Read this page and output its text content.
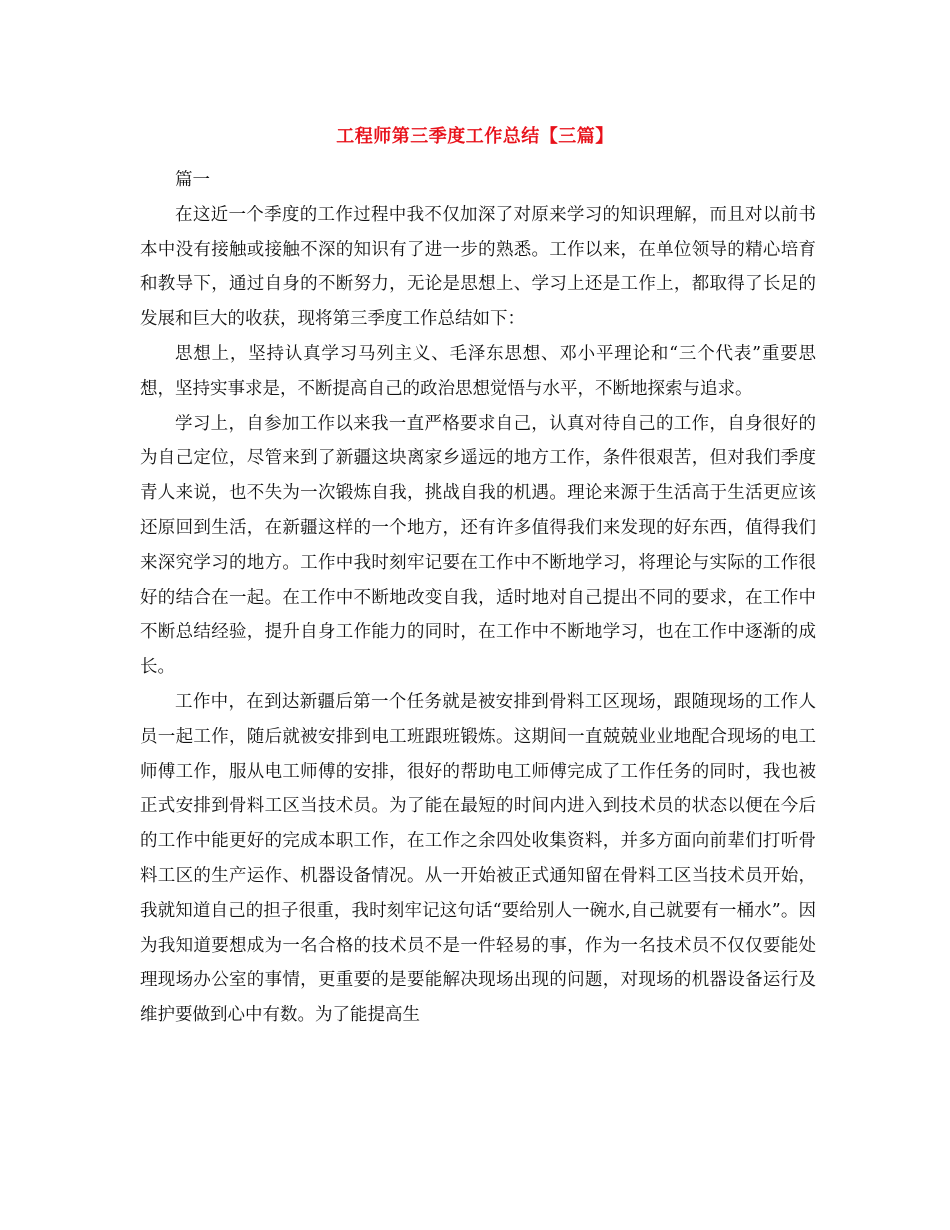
工程师第三季度工作总结【三篇】

篇一

在这近一个季度的工作过程中我不仅加深了对原来学习的知识理解，而且对以前书本中没有接触或接触不深的知识有了进一步的熟悉。工作以来，在单位领导的精心培育和教导下，通过自身的不断努力，无论是思想上、学习上还是工作上，都取得了长足的发展和巨大的收获，现将第三季度工作总结如下：

思想上，坚持认真学习马列主义、毛泽东思想、邓小平理论和“三个代表”重要思想，坚持实事求是，不断提高自己的政治思想觉悟与水平，不断地探索与追求。

学习上，自参加工作以来我一直严格要求自己，认真对待自己的工作，自身很好的为自己定位，尽管来到了新疆这块离家乡遥远的地方工作，条件很艰苦，但对我们季度青人来说，也不失为一次锻炼自我，挑战自我的机遇。理论来源于生活高于生活更应该还原回到生活，在新疆这样的一个地方，还有许多值得我们来发现的好东西，值得我们来深究学习的地方。工作中我时刻牢记要在工作中不断地学习，将理论与实际的工作很好的结合在一起。在工作中不断地改变自我，适时地对自己提出不同的要求，在工作中不断总结经验，提升自身工作能力的同时，在工作中不断地学习，也在工作中逐渐的成长。

工作中，在到达新疆后第一个任务就是被安排到骨料工区现场，跟随现场的工作人员一起工作，随后就被安排到电工班跟班锻炼。这期间一直兢兢业业地配合现场的电工师傅工作，服从电工师傅的安排，很好的帮助电工师傅完成了工作任务的同时，我也被正式安排到骨料工区当技术员。为了能在最短的时间内进入到技术员的状态以便在今后的工作中能更好的完成本职工作，在工作之余四处收集资料，并多方面向前辈们打听骨料工区的生产运作、机器设备情况。从一开始被正式通知留在骨料工区当技术员开始，我就知道自己的担子很重，我时刻牢记这句话“要给别人一碗水,自己就要有一桶水”。因为我知道要想成为一名合格的技术员不是一件轻易的事，作为一名技术员不仅仅要能处理现场办公室的事情，更重要的是要能解决现场出现的问题，对现场的机器设备运行及维护要做到心中有数。为了能提高生
